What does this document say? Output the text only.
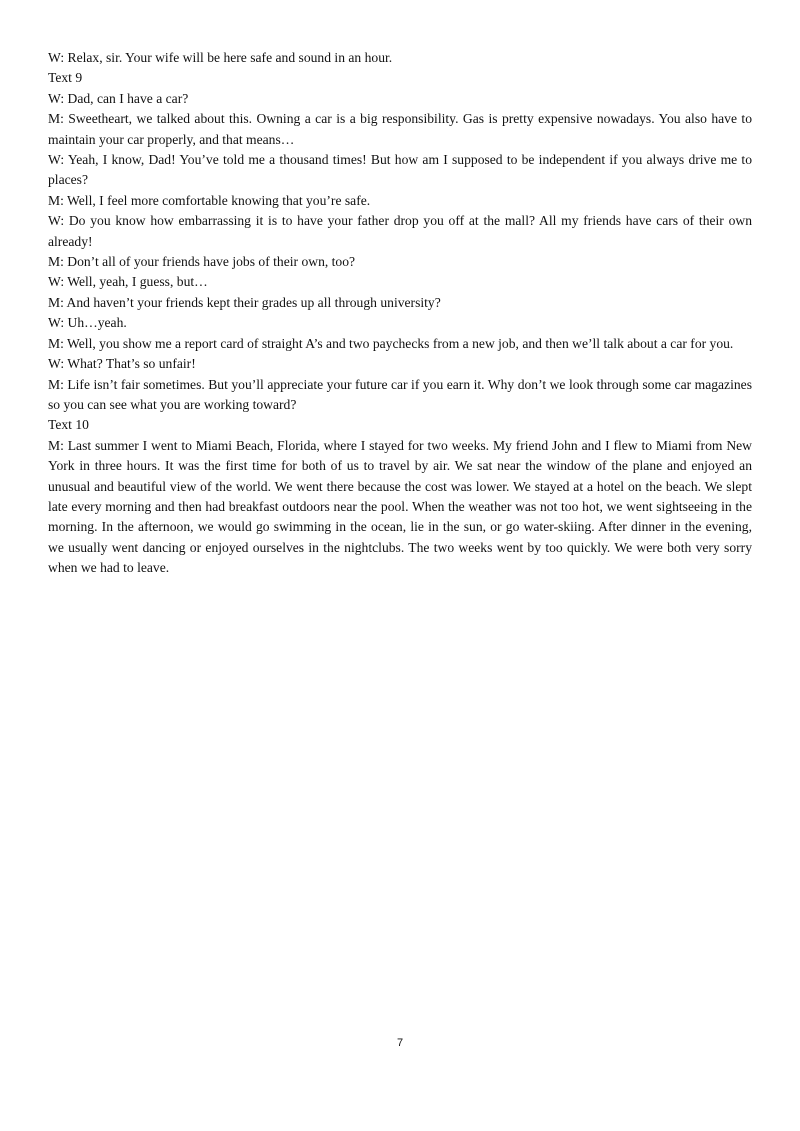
W: Relax, sir. Your wife will be here safe and sound in an hour.

Text 9

W: Dad, can I have a car?

M: Sweetheart, we talked about this. Owning a car is a big responsibility. Gas is pretty expensive nowadays. You also have to maintain your car properly, and that means…

W: Yeah, I know, Dad! You’ve told me a thousand times! But how am I supposed to be independent if you always drive me to places?

M: Well, I feel more comfortable knowing that you’re safe.

W: Do you know how embarrassing it is to have your father drop you off at the mall? All my friends have cars of their own already!

M: Don’t all of your friends have jobs of their own, too?

W: Well, yeah, I guess, but…

M: And haven’t your friends kept their grades up all through university?

W: Uh…yeah.

M: Well, you show me a report card of straight A’s and two paychecks from a new job, and then we’ll talk about a car for you.

W: What? That’s so unfair!

M: Life isn’t fair sometimes. But you’ll appreciate your future car if you earn it. Why don’t we look through some car magazines so you can see what you are working toward?

Text 10

M: Last summer I went to Miami Beach, Florida, where I stayed for two weeks. My friend John and I flew to Miami from New York in three hours. It was the first time for both of us to travel by air. We sat near the window of the plane and enjoyed an unusual and beautiful view of the world. We went there because the cost was lower. We stayed at a hotel on the beach. We slept late every morning and then had breakfast outdoors near the pool. When the weather was not too hot, we went sightseeing in the morning. In the afternoon, we would go swimming in the ocean, lie in the sun, or go water-skiing. After dinner in the evening, we usually went dancing or enjoyed ourselves in the nightclubs. The two weeks went by too quickly. We were both very sorry when we had to leave.

7
